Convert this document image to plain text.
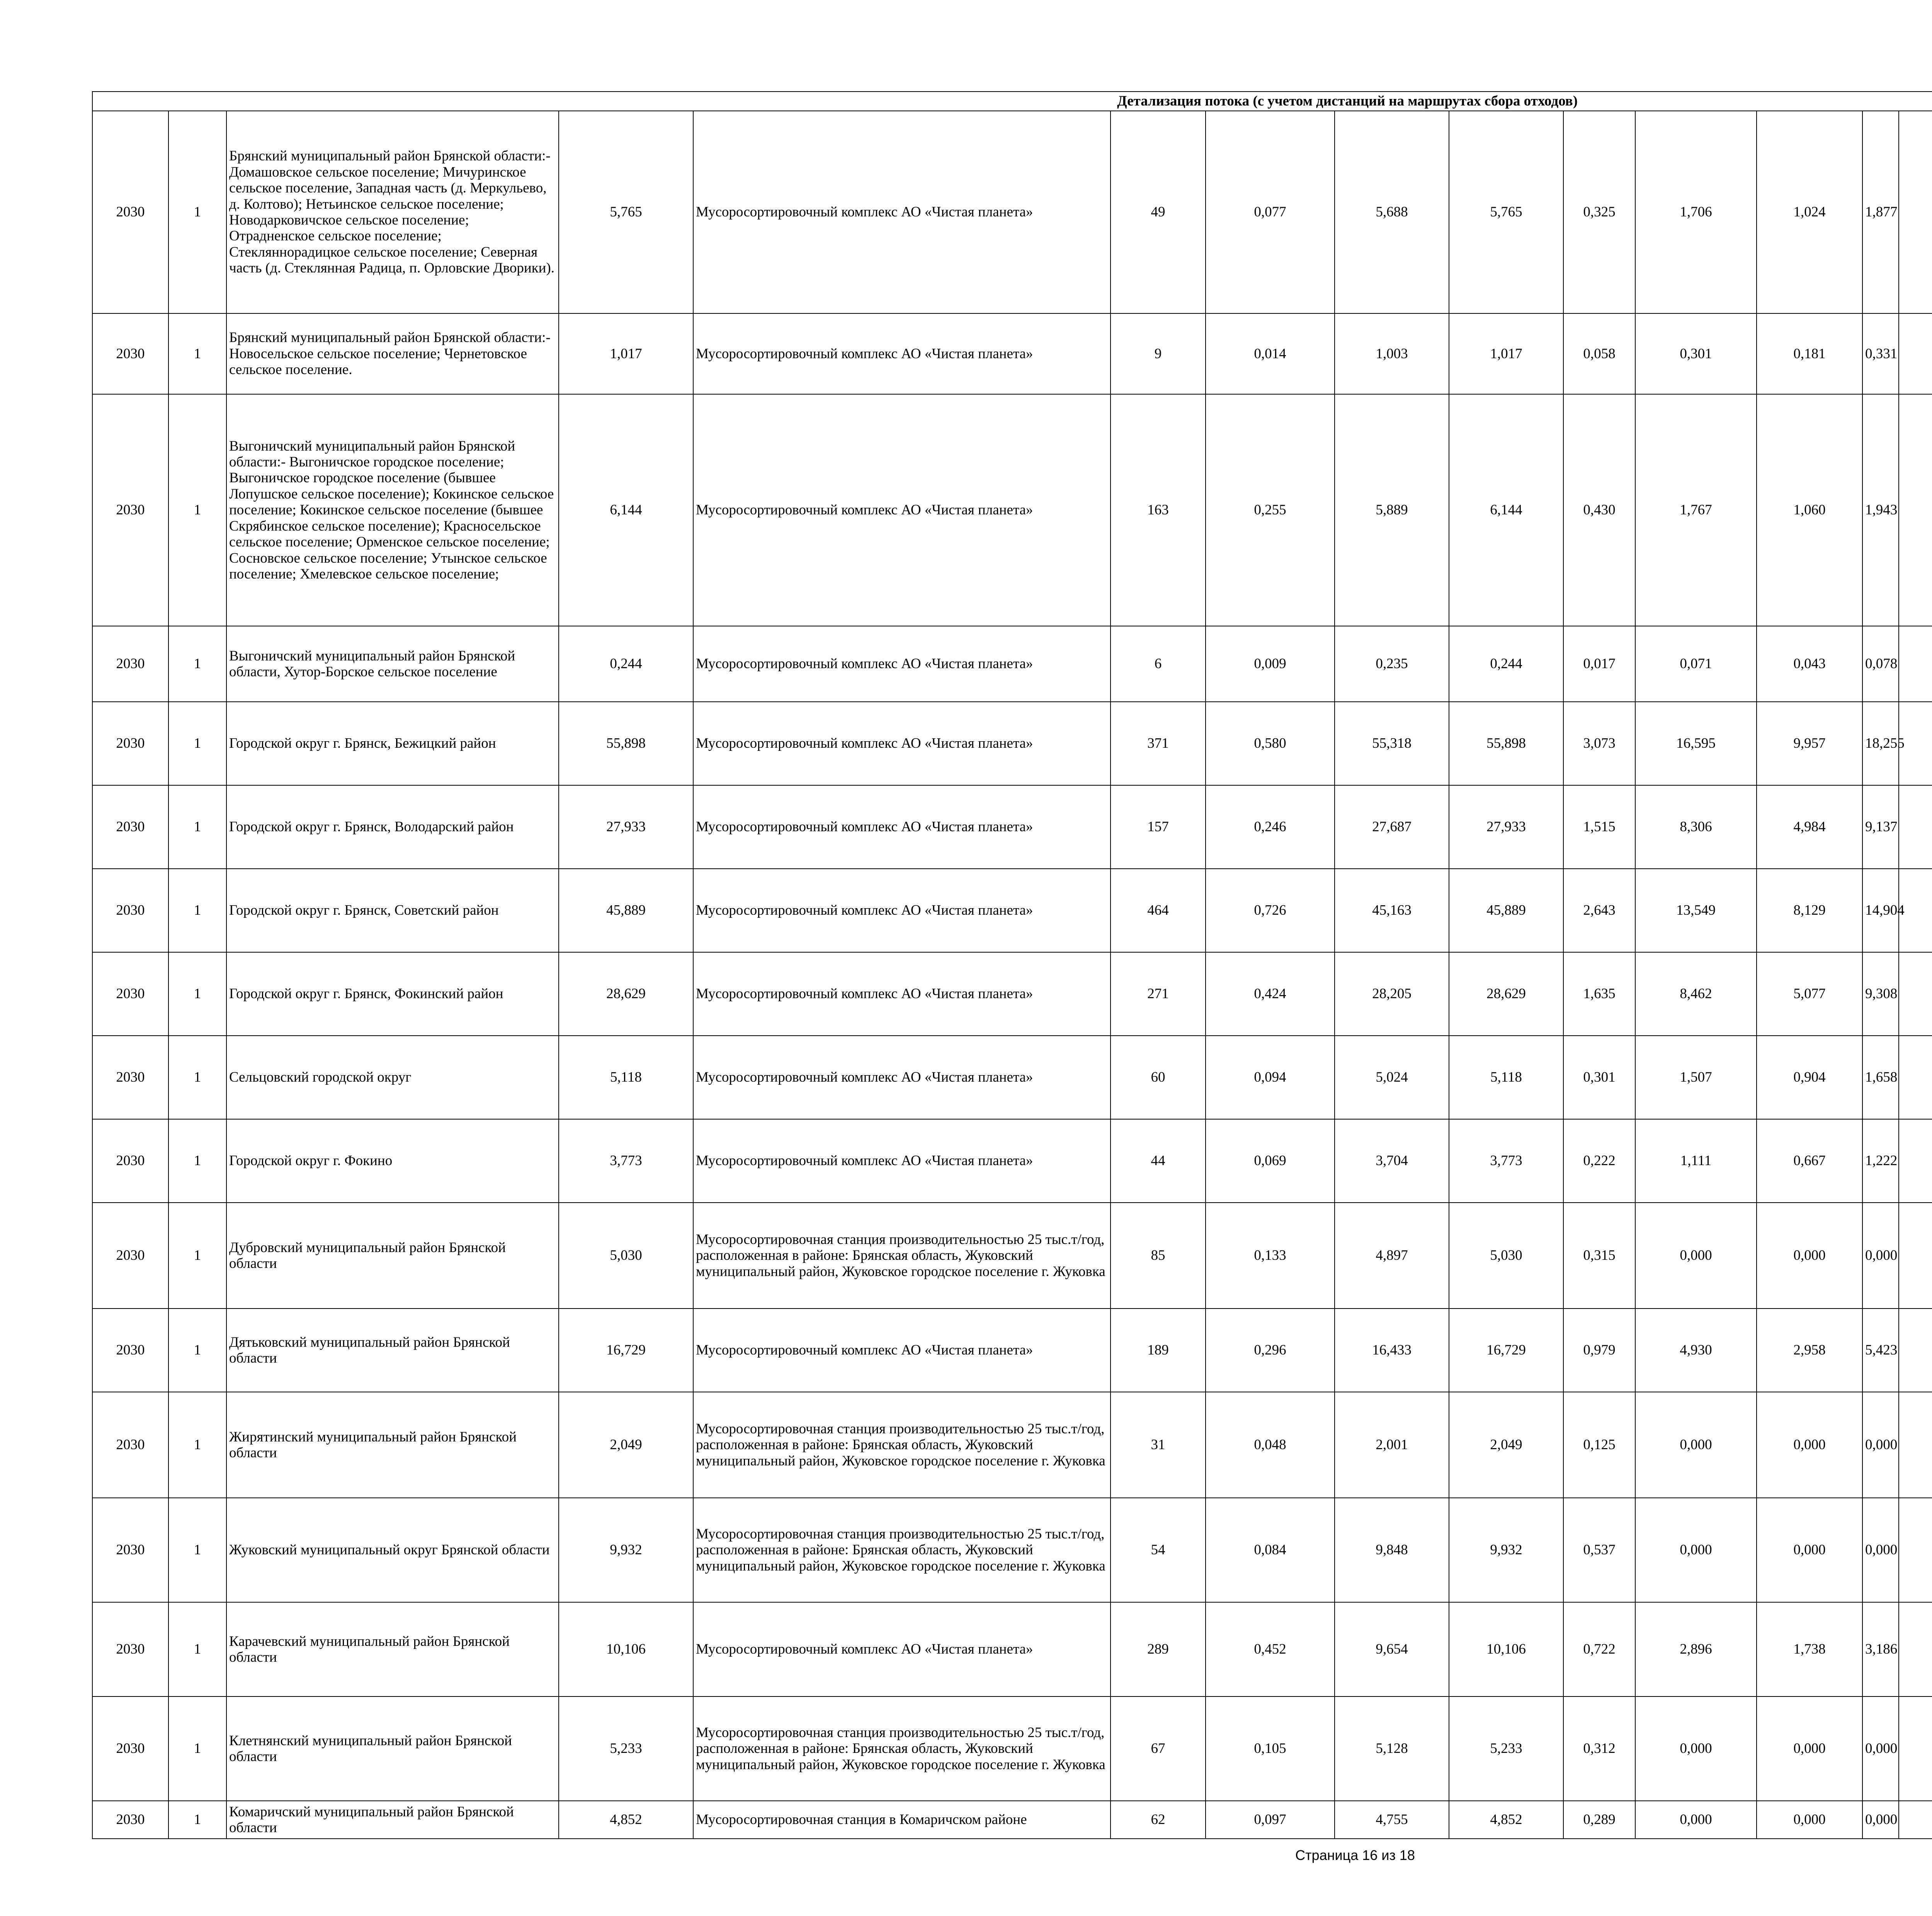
Детализация потока (с учетом дистанций на маршрутах сбора отходов)																
2030	1	Брянский муниципальный район Брянской области:- Домашовское сельское поселение; Мичуринское сельское поселение, Западная часть (д. Меркульево, д. Колтово); Нетьинское сельское поселение; Новодарковичское сельское поселение; Отрадненское сельское поселение; Стекляннорадицкое сельское поселение; Северная часть (д. Стеклянная Радица, п. Орловские Дворики).	5,765	Мусоросортировочный комплекс АО «Чистая планета»	49	0,077	5,688	5,765	0,325	1,706	1,024	1,877				
2030	1	Брянский муниципальный район Брянской области:- Новосельское сельское поселение; Чернетовское сельское поселение.	1,017	Мусоросортировочный комплекс АО «Чистая планета»	9	0,014	1,003	1,017	0,058	0,301	0,181	0,331				
2030	1	Выгоничский муниципальный район Брянской области:- Выгоничское городское поселение; Выгоничское городское поселение (бывшее Лопушское сельское поселение); Кокинское сельское поселение; Кокинское сельское поселение (бывшее Скрябинское сельское поселение); Красносельское сельское поселение; Орменское сельское поселение; Сосновское сельское поселение; Утынское сельское поселение; Хмелевское сельское поселение;	6,144	Мусоросортировочный комплекс АО «Чистая планета»	163	0,255	5,889	6,144	0,430	1,767	1,060	1,943				
2030	1	Выгоничский муниципальный район Брянской области, Хутор-Борское сельское поселение	0,244	Мусоросортировочный комплекс АО «Чистая планета»	6	0,009	0,235	0,244	0,017	0,071	0,043	0,078				
2030	1	Городской округ г. Брянск, Бежицкий район	55,898	Мусоросортировочный комплекс АО «Чистая планета»	371	0,580	55,318	55,898	3,073	16,595	9,957	18,255				
2030	1	Городской округ г. Брянск, Володарский район	27,933	Мусоросортировочный комплекс АО «Чистая планета»	157	0,246	27,687	27,933	1,515	8,306	4,984	9,137				
2030	1	Городской округ г. Брянск, Советский район	45,889	Мусоросортировочный комплекс АО «Чистая планета»	464	0,726	45,163	45,889	2,643	13,549	8,129	14,904				
2030	1	Городской округ г. Брянск, Фокинский район	28,629	Мусоросортировочный комплекс АО «Чистая планета»	271	0,424	28,205	28,629	1,635	8,462	5,077	9,308				
2030	1	Сельцовский городской округ	5,118	Мусоросортировочный комплекс АО «Чистая планета»	60	0,094	5,024	5,118	0,301	1,507	0,904	1,658				
2030	1	Городской округ г. Фокино	3,773	Мусоросортировочный комплекс АО «Чистая планета»	44	0,069	3,704	3,773	0,222	1,111	0,667	1,222				
2030	1	Дубровский муниципальный район Брянской области	5,030	Мусоросортировочная станция производительностью 25 тыс.т/год, расположенная в районе: Брянская область, Жуковский муниципальный район, Жуковское городское поселение г. Жуковка	85	0,133	4,897	5,030	0,315	0,000	0,000	0,000				
2030	1	Дятьковский муниципальный район Брянской области	16,729	Мусоросортировочный комплекс АО «Чистая планета»	189	0,296	16,433	16,729	0,979	4,930	2,958	5,423				
2030	1	Жирятинский муниципальный район Брянской области	2,049	Мусоросортировочная станция производительностью 25 тыс.т/год, расположенная в районе: Брянская область, Жуковский муниципальный район, Жуковское городское поселение г. Жуковка	31	0,048	2,001	2,049	0,125	0,000	0,000	0,000				
2030	1	Жуковский муниципальный округ Брянской области	9,932	Мусоросортировочная станция производительностью 25 тыс.т/год, расположенная в районе: Брянская область, Жуковский муниципальный район, Жуковское городское поселение г. Жуковка	54	0,084	9,848	9,932	0,537	0,000	0,000	0,000				
2030	1	Карачевский муниципальный район Брянской области	10,106	Мусоросортировочный комплекс АО «Чистая планета»	289	0,452	9,654	10,106	0,722	2,896	1,738	3,186				
2030	1	Клетнянский муниципальный район Брянской области	5,233	Мусоросортировочная станция производительностью 25 тыс.т/год, расположенная в районе: Брянская область, Жуковский муниципальный район, Жуковское городское поселение г. Жуковка	67	0,105	5,128	5,233	0,312	0,000	0,000	0,000				
2030	1	Комаричский муниципальный район Брянской области	4,852	Мусоросортировочная станция в Комаричском районе	62	0,097	4,755	4,852	0,289	0,000	0,000	0,000				
Страница 16 из 18
